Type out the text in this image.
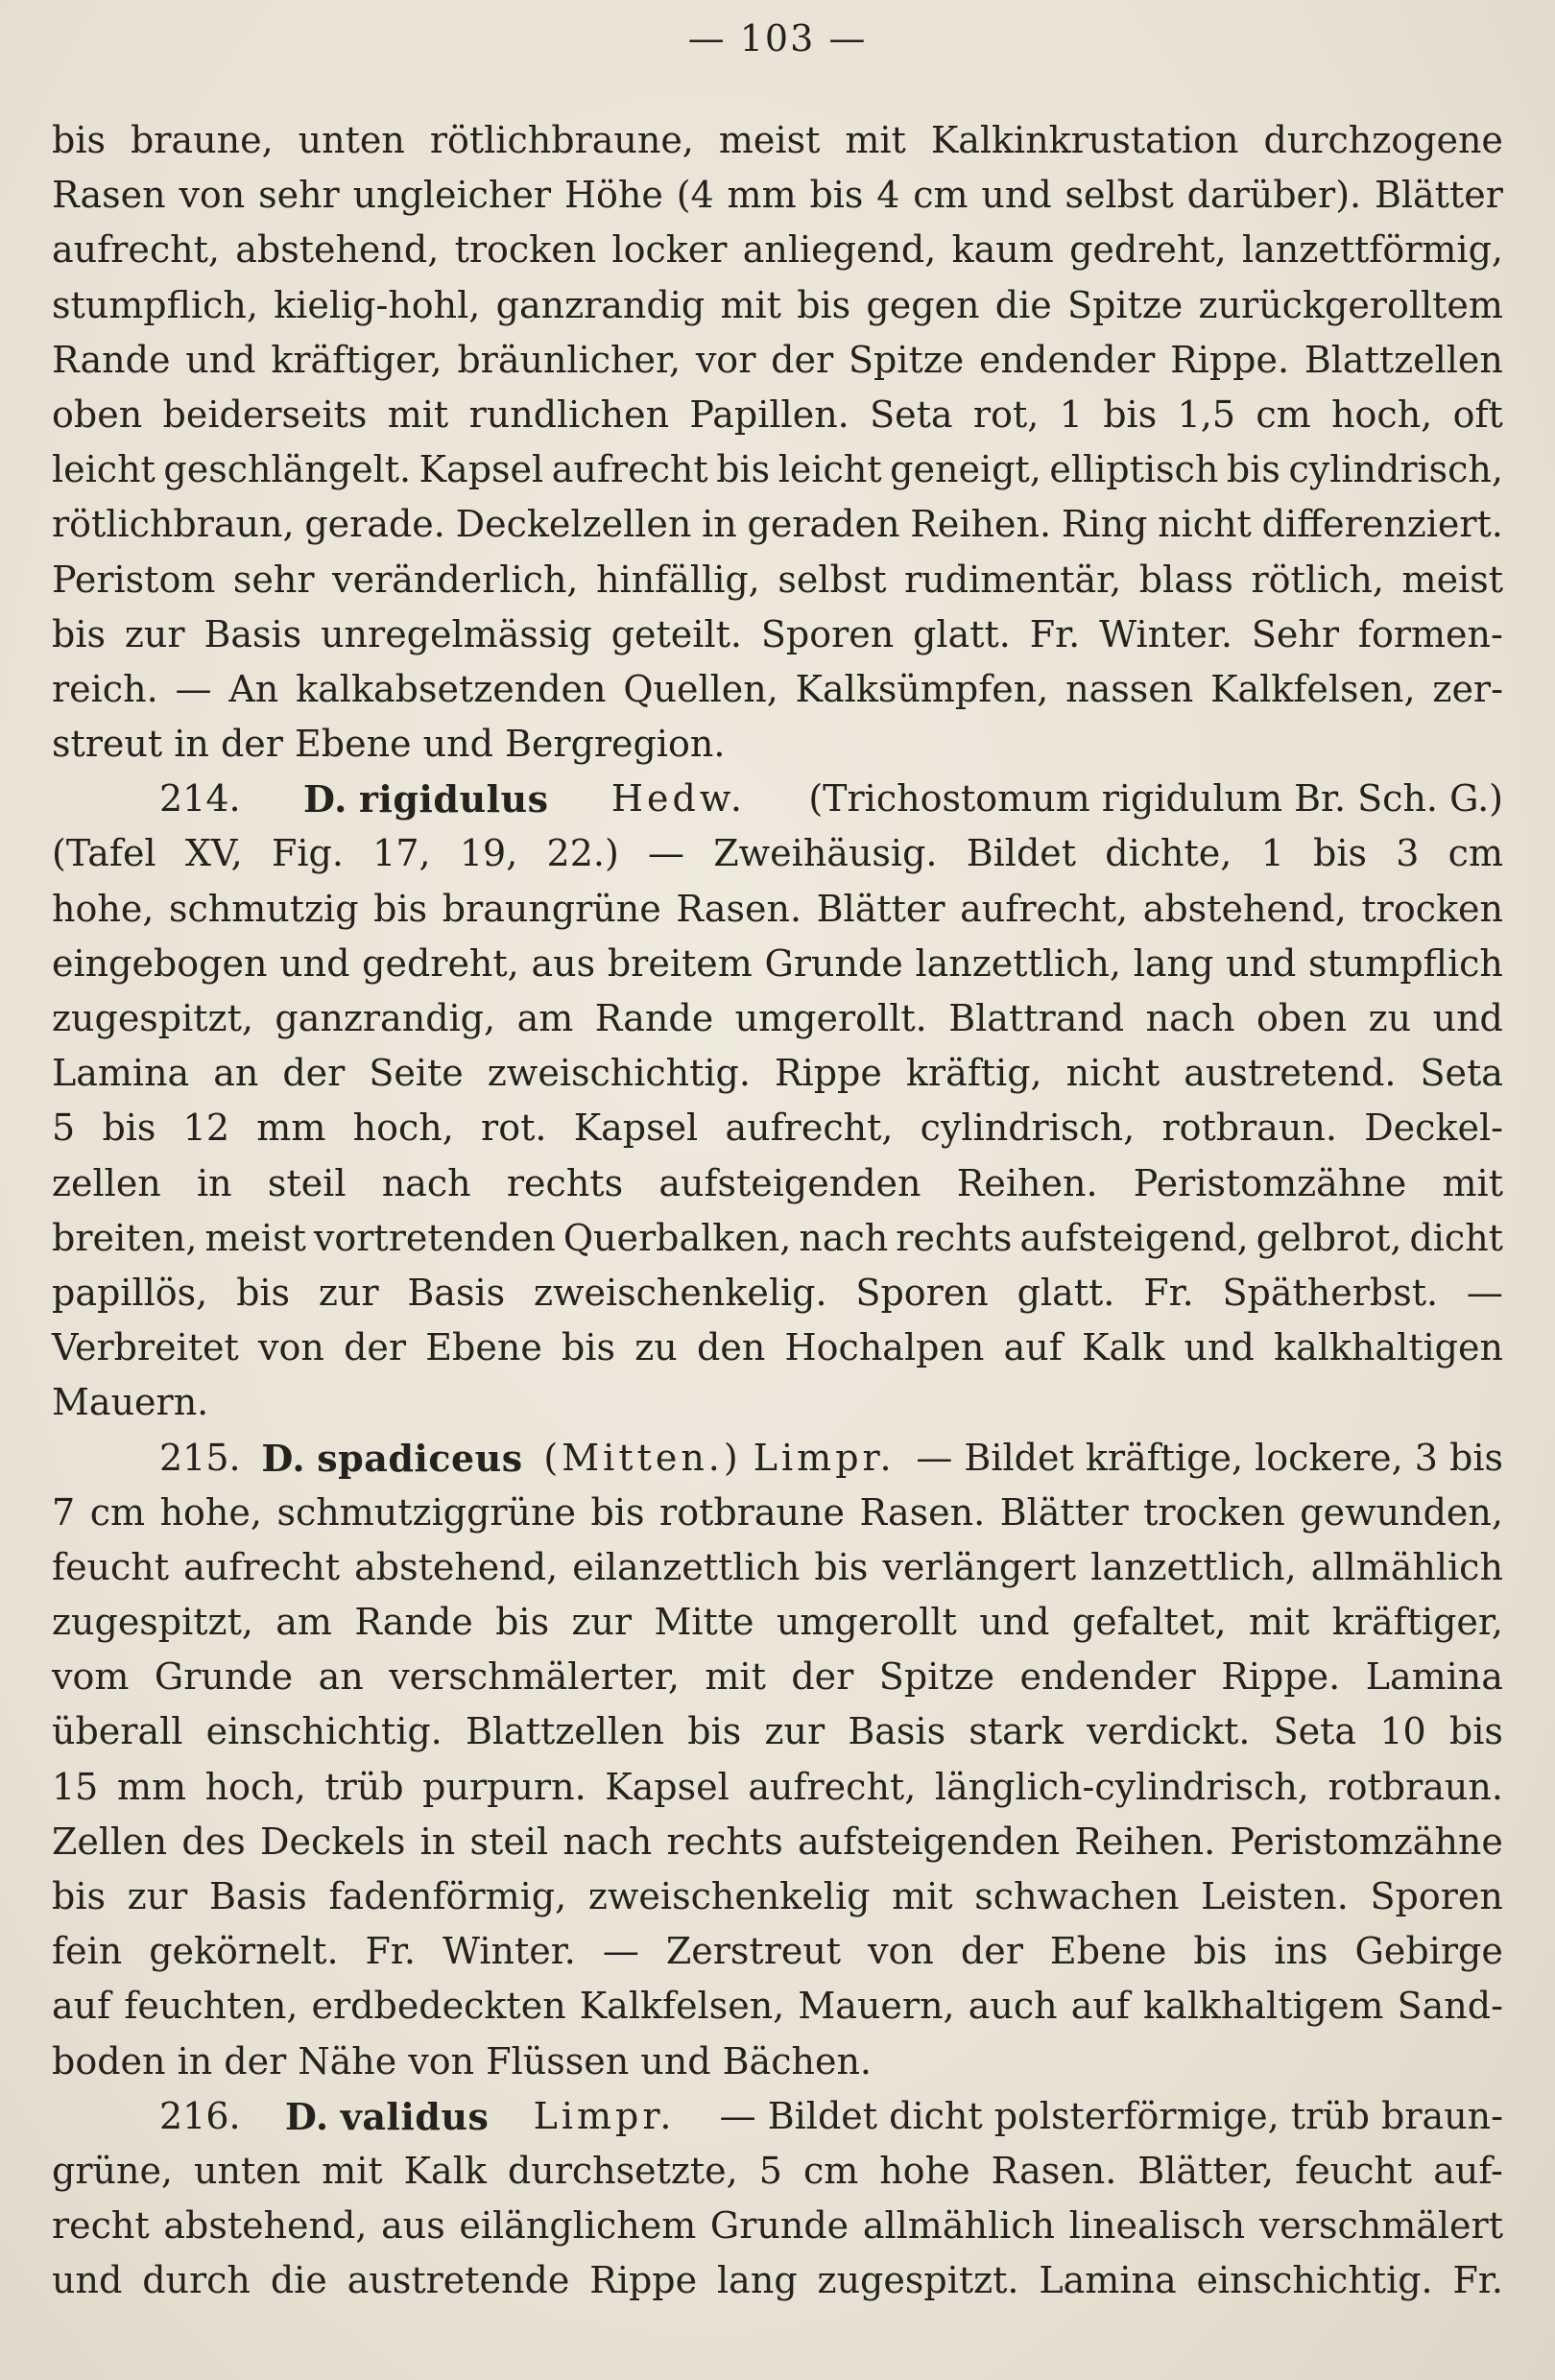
— 103 —
bis braune, unten rötlichbraune, meist mit Kalkinkrustation durchzogene
Rasen von sehr ungleicher Höhe (4 mm bis 4 cm und selbst darüber). Blätter
aufrecht, abstehend, trocken locker anliegend, kaum gedreht, lanzettförmig,
stumpflich, kielig-hohl, ganzrandig mit bis gegen die Spitze zurückgerolltem
Rande und kräftiger, bräunlicher, vor der Spitze endender Rippe. Blattzellen
oben beiderseits mit rundlichen Papillen. Seta rot, 1 bis 1,5 cm hoch, oft
leicht geschlängelt. Kapsel aufrecht bis leicht geneigt, elliptisch bis cylindrisch,
rötlichbraun, gerade. Deckelzellen in geraden Reihen. Ring nicht differenziert.
Peristom sehr veränderlich, hinfällig, selbst rudimentär, blass rötlich, meist
bis zur Basis unregelmässig geteilt. Sporen glatt. Fr. Winter. Sehr formen-
reich. — An kalkabsetzenden Quellen, Kalksümpfen, nassen Kalkfelsen, zer-
streut in der Ebene und Bergregion.
214. D. rigidulus Hedw. (Trichostomum rigidulum Br. Sch. G.)
(Tafel XV, Fig. 17, 19, 22.) — Zweihäusig. Bildet dichte, 1 bis 3 cm
hohe, schmutzig bis braungrüne Rasen. Blätter aufrecht, abstehend, trocken
eingebogen und gedreht, aus breitem Grunde lanzettlich, lang und stumpflich
zugespitzt, ganzrandig, am Rande umgerollt. Blattrand nach oben zu und
Lamina an der Seite zweischichtig. Rippe kräftig, nicht austretend. Seta
5 bis 12 mm hoch, rot. Kapsel aufrecht, cylindrisch, rotbraun. Deckel-
zellen in steil nach rechts aufsteigenden Reihen. Peristomzähne mit
breiten, meist vortretenden Querbalken, nach rechts aufsteigend, gelbrot, dicht
papillös, bis zur Basis zweischenkelig. Sporen glatt. Fr. Spätherbst. —
Verbreitet von der Ebene bis zu den Hochalpen auf Kalk und kalkhaltigen
Mauern.
215. D. spadiceus (Mitten.) Limpr. — Bildet kräftige, lockere, 3 bis
7 cm hohe, schmutziggrüne bis rotbraune Rasen. Blätter trocken gewunden,
feucht aufrecht abstehend, eilanzettlich bis verlängert lanzettlich, allmählich
zugespitzt, am Rande bis zur Mitte umgerollt und gefaltet, mit kräftiger,
vom Grunde an verschmälerter, mit der Spitze endender Rippe. Lamina
überall einschichtig. Blattzellen bis zur Basis stark verdickt. Seta 10 bis
15 mm hoch, trüb purpurn. Kapsel aufrecht, länglich-cylindrisch, rotbraun.
Zellen des Deckels in steil nach rechts aufsteigenden Reihen. Peristomzähne
bis zur Basis fadenförmig, zweischenkelig mit schwachen Leisten. Sporen
fein gekörnelt. Fr. Winter. — Zerstreut von der Ebene bis ins Gebirge
auf feuchten, erdbedeckten Kalkfelsen, Mauern, auch auf kalkhaltigem Sand-
boden in der Nähe von Flüssen und Bächen.
216. D. validus Limpr. — Bildet dicht polsterförmige, trüb braun-
grüne, unten mit Kalk durchsetzte, 5 cm hohe Rasen. Blätter, feucht auf-
recht abstehend, aus eilänglichem Grunde allmählich linealisch verschmälert
und durch die austretende Rippe lang zugespitzt. Lamina einschichtig. Fr.
